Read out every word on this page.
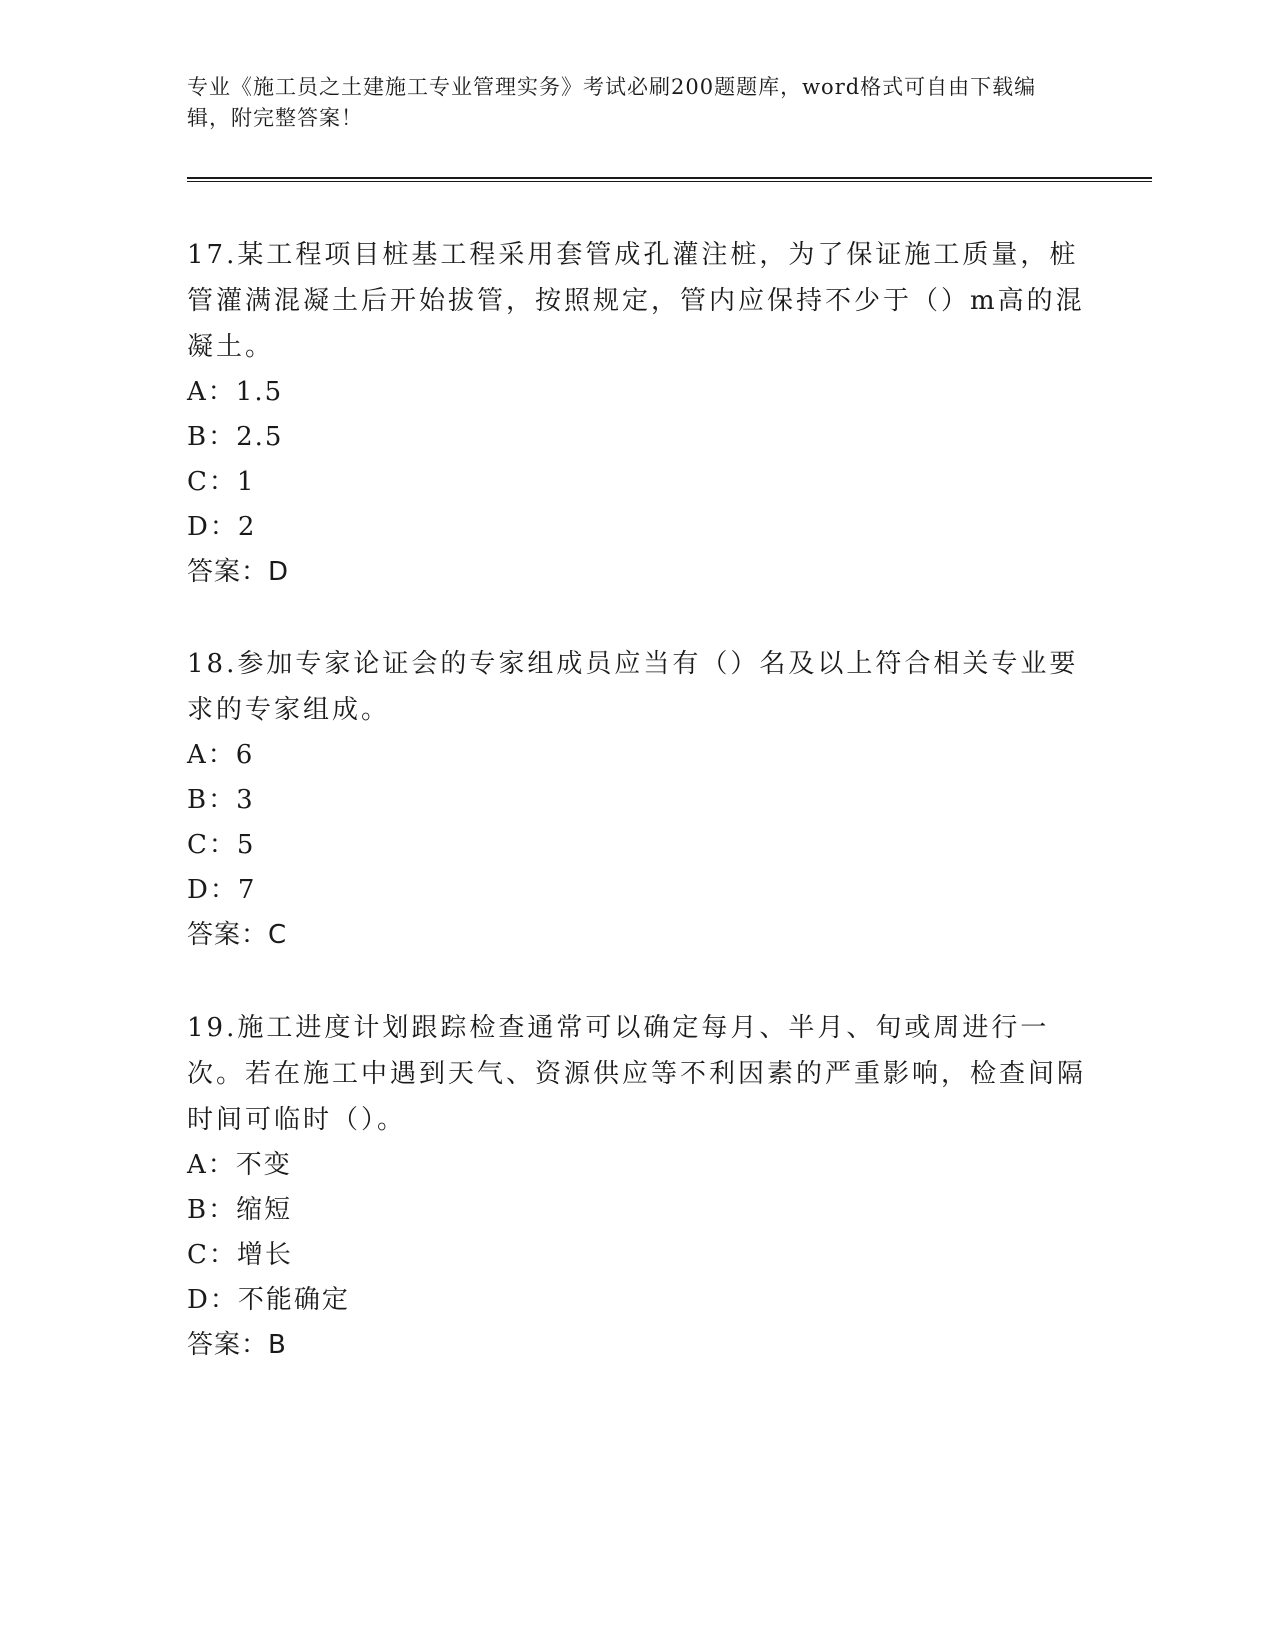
专业《施工员之土建施工专业管理实务》考试必刷200题题库，word格式可自由下载编辑，附完整答案！
17.某工程项目桩基工程采用套管成孔灌注桩，为了保证施工质量，桩管灌满混凝土后开始拔管，按照规定，管内应保持不少于（）m高的混凝土。
A：1.5
B：2.5
C：1
D：2
答案：D
18.参加专家论证会的专家组成员应当有（）名及以上符合相关专业要求的专家组成。
A：6
B：3
C：5
D：7
答案：C
19.施工进度计划跟踪检查通常可以确定每月、半月、旬或周进行一次。若在施工中遇到天气、资源供应等不利因素的严重影响，检查间隔时间可临时（）。
A：不变
B：缩短
C：增长
D：不能确定
答案：B
